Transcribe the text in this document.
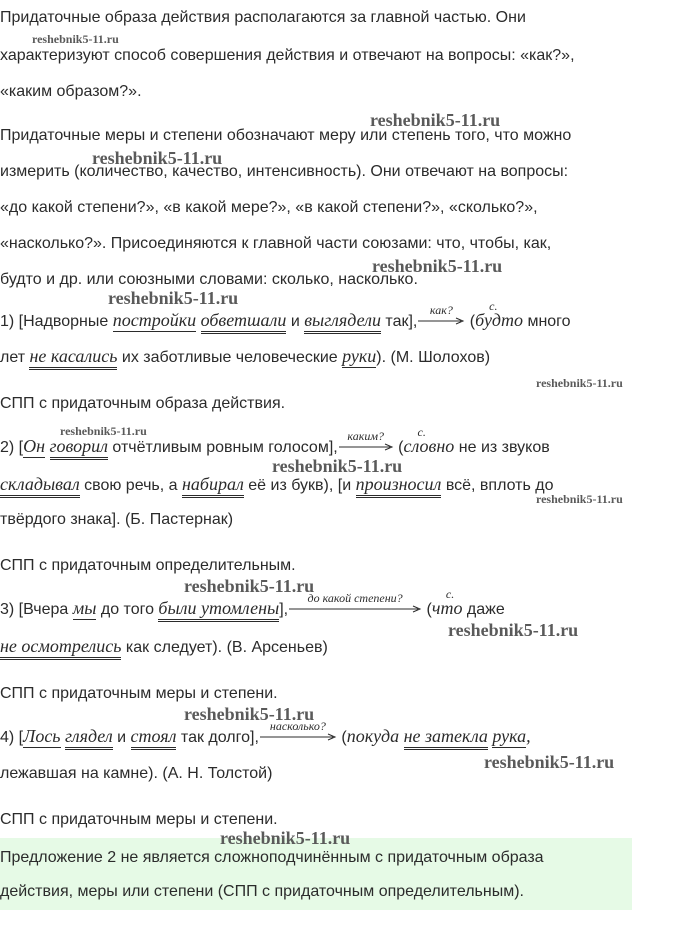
Придаточные образа действия располагаются за главной частью. Они
характеризуют способ совершения действия и отвечают на вопросы: «как?»,
«каким образом?».
Придаточные меры и степени обозначают меру или степень того, что можно
измерить (количество, качество, интенсивность). Они отвечают на вопросы:
«до какой степени?», «в какой мере?», «в какой степени?», «сколько?»,
«насколько?». Присоединяются к главной части союзами: что, чтобы, как,
будто и др. или союзными словами: сколько, насколько.
1) [Надворные постройки обветшали и выглядели так],
как?
(
с.
будто много
лет не касались их заботливые человеческие руки). (М. Шолохов)
СПП с придаточным образа действия.
2) [Он говорил отчётливым ровным голосом],
каким?
(
с.
словно не из звуков
складывал свою речь, а набирал её из букв), [и произносил всё, вплоть до
твёрдого знака]. (Б. Пастернак)
СПП с придаточным определительным.
3) [Вчера мы до того были утомлены],
до какой степени?
(
с.
что даже
не осмотрелись как следует). (В. Арсеньев)
СПП с придаточным меры и степени.
4) [Лось глядел и стоял так долго],
насколько?
(
покуда не затекла рука,
лежавшая на камне). (А. Н. Толстой)
СПП с придаточным меры и степени.
Предложение 2 не является сложноподчинённым с придаточным образа
действия, меры или степени (СПП с придаточным определительным).
reshebnik5-11.ru
reshebnik5-11.ru
reshebnik5-11.ru
reshebnik5-11.ru
reshebnik5-11.ru
reshebnik5-11.ru
reshebnik5-11.ru
reshebnik5-11.ru
reshebnik5-11.ru
reshebnik5-11.ru
reshebnik5-11.ru
reshebnik5-11.ru
reshebnik5-11.ru
reshebnik5-11.ru
